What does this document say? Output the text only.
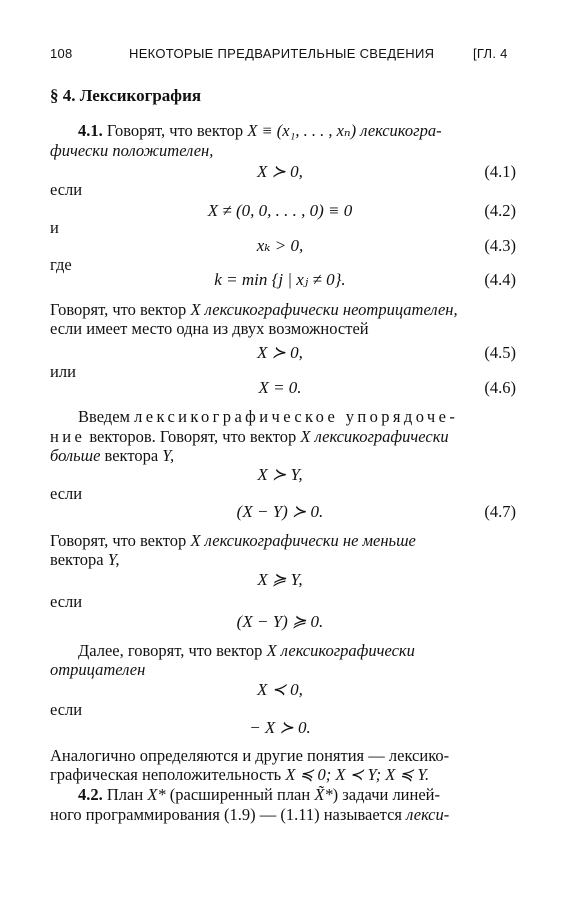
108	НЕКОТОРЫЕ ПРЕДВАРИТЕЛЬНЫЕ СВЕДЕНИЯ	[ГЛ. 4
§ 4. Лексикография
4.1. Говорят, что вектор X ≡ (x₁, . . . , xₙ) лексикогра-
фически положителен,
X ≻ 0,	(4.1)
если
X ≠ (0, 0, . . . , 0) ≡ 0	(4.2)
и
xₖ > 0,	(4.3)
где
k = min {j | xⱼ ≠ 0}.	(4.4)
Говорят, что вектор X лексикографически неотрицателен,
если имеет место одна из двух возможностей
X ≻ 0,	(4.5)
или
X = 0.	(4.6)
Введем лексикографическое упорядоче-
ние векторов. Говорят, что вектор X лексикографически
больше вектора Y,
X ≻ Y,
если
(X − Y) ≻ 0.	(4.7)
Говорят, что вектор X лексикографически не меньше
вектора Y,
X ≽ Y,
если
(X − Y) ≽ 0.
Далее, говорят, что вектор X лексикографически
отрицателен
X ≺ 0,
если
− X ≻ 0.
Аналогично определяются и другие понятия — лексико-
графическая неположительность X ≼ 0; X ≺ Y; X ≼ Y.
4.2. План X* (расширенный план X̃*) задачи линей-
ного программирования (1.9) — (1.11) называется лекси-
